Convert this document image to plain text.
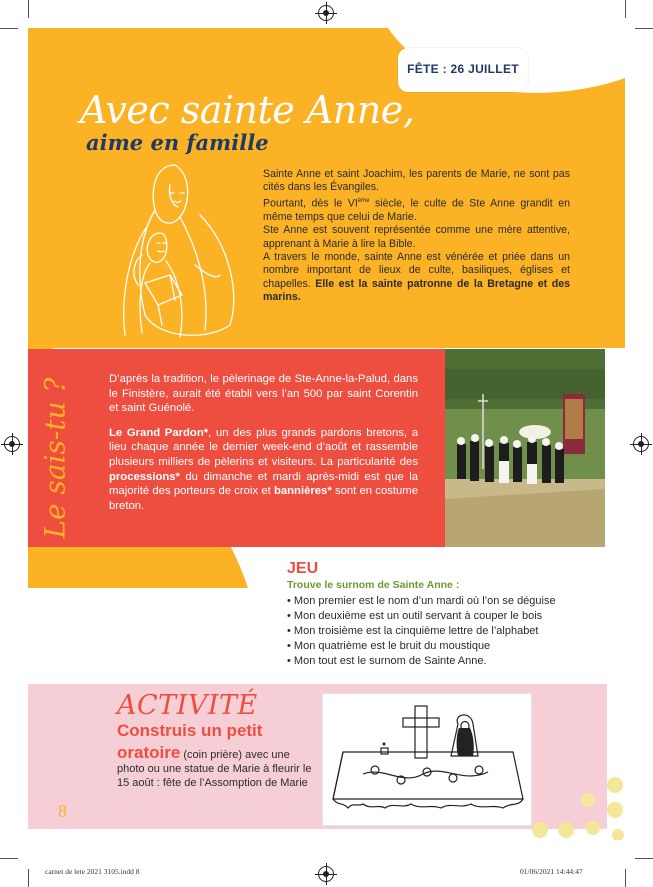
FÊTE : 26 JUILLET
Avec sainte Anne,
aime en famille

Sainte Anne et saint Joachim, les parents de Marie, ne sont pas cités dans les Évangiles.

Pourtant, dès le VIème siècle, le culte de Ste Anne grandit en même temps que celui de Marie.

Ste Anne est souvent représentée comme une mère attentive, apprenant à Marie à lire la Bible.

A travers le monde, sainte Anne est vénérée et priée dans un nombre important de lieux de culte, basiliques, églises et chapelles. Elle est la sainte patronne de la Bretagne et des marins.

Le sais-tu ?	D’après la tradition, le pèlerinage de Ste-Anne-la-Palud, dans le Finistère, aurait été établi vers l’an 500 par saint Corentin et saint Guénolé.

Le Grand Pardon*, un des plus grands pardons bretons, a lieu chaque année le dernier week-end d’août et rassemble plusieurs milliers de pèlerins et visiteurs. La particularité des processions* du dimanche et mardi après-midi est que la majorité des porteurs de croix et bannières* sont en costume breton.

JEU
Trouve le surnom de Sainte Anne :
• Mon premier est le nom d’un mardi où l’on se déguise
• Mon deuxième est un outil servant à couper le bois
• Mon troisième est la cinquième lettre de l’alphabet
• Mon quatrième est le bruit du moustique
• Mon tout est le surnom de Sainte Anne.
ACTIVITÉ
Construis un petit
oratoire (coin prière) avec une photo ou une statue de Marie à fleurir le 15 août : fête de l’Assomption de Marie
8
carnet de lete 2021 3105.indd 8	01/06/2021 14:44:47
